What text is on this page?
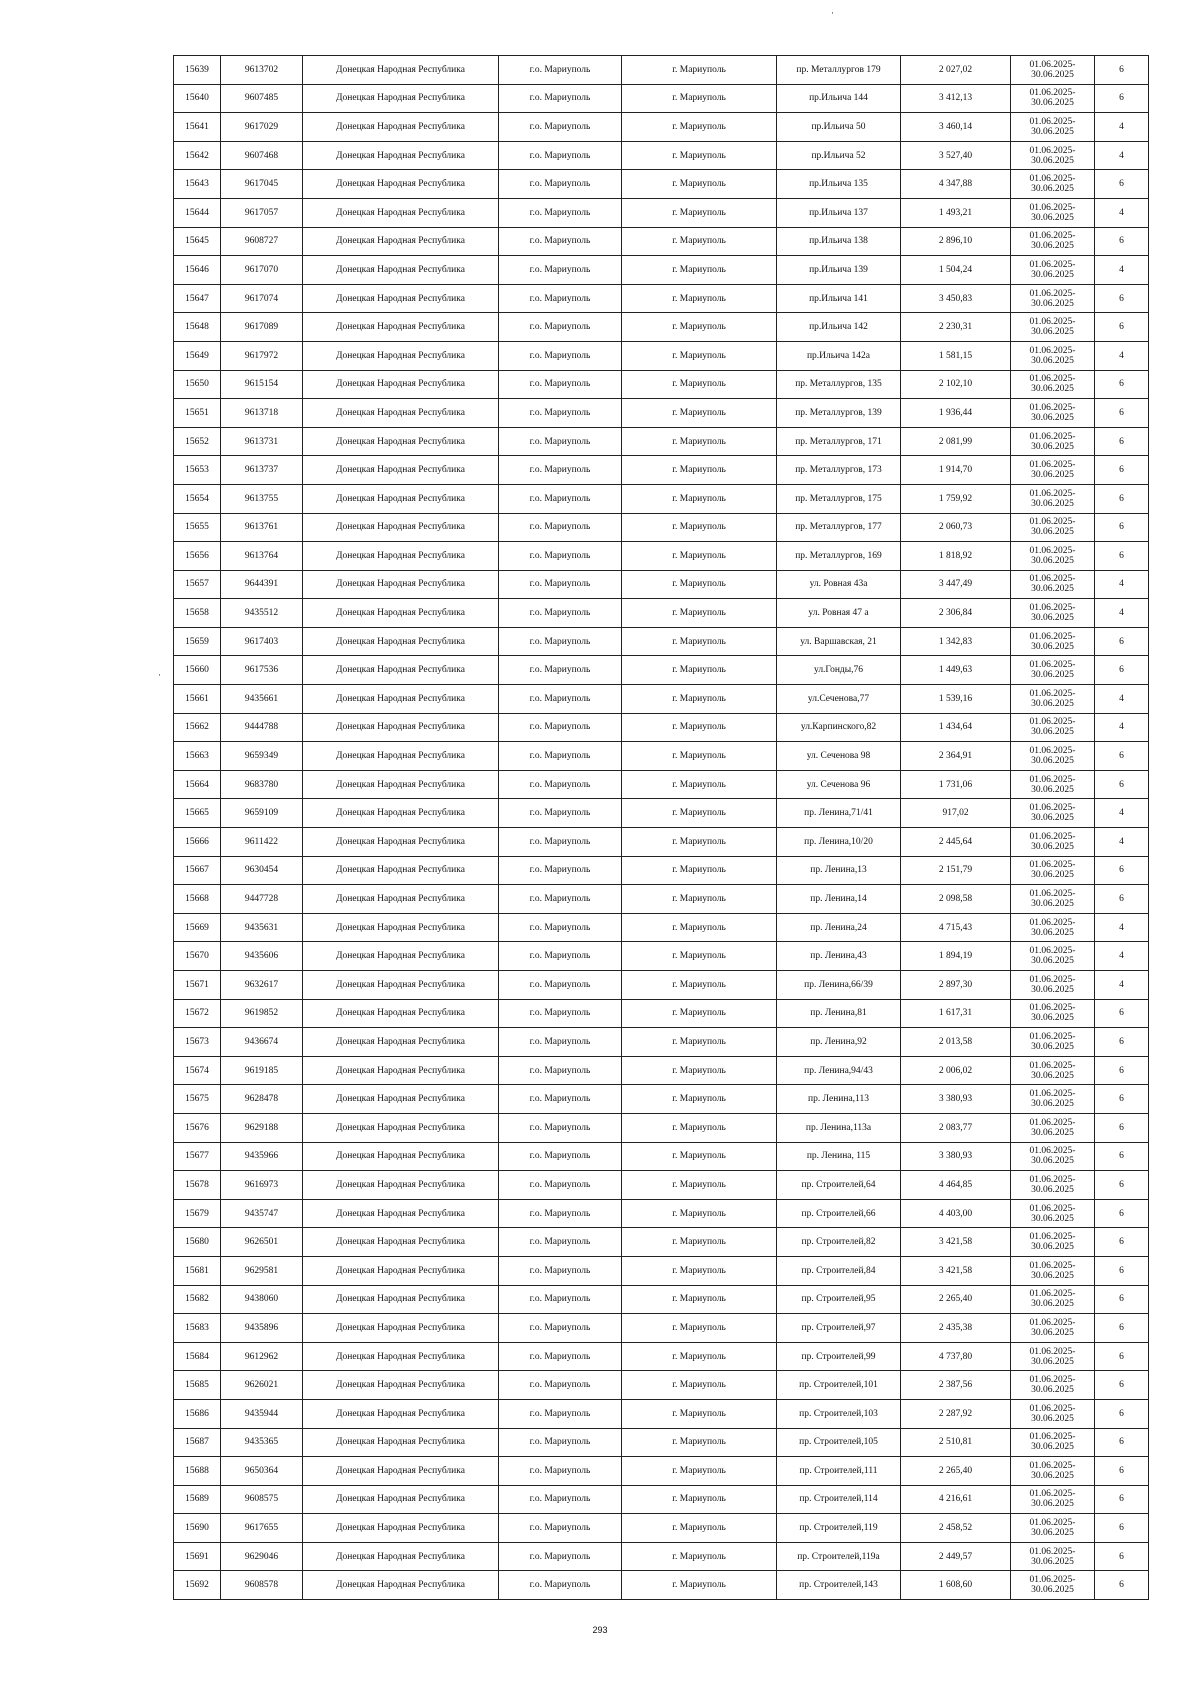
·
·
15639	9613702	Донецкая Народная Республика	г.о. Мариуполь	г. Мариуполь	пр. Металлургов 179	2 027,02	01.06.2025-
30.06.2025	6
15640	9607485	Донецкая Народная Республика	г.о. Мариуполь	г. Мариуполь	пр.Ильича 144	3 412,13	01.06.2025-
30.06.2025	6
15641	9617029	Донецкая Народная Республика	г.о. Мариуполь	г. Мариуполь	пр.Ильича 50	3 460,14	01.06.2025-
30.06.2025	4
15642	9607468	Донецкая Народная Республика	г.о. Мариуполь	г. Мариуполь	пр.Ильича 52	3 527,40	01.06.2025-
30.06.2025	4
15643	9617045	Донецкая Народная Республика	г.о. Мариуполь	г. Мариуполь	пр.Ильича 135	4 347,88	01.06.2025-
30.06.2025	6
15644	9617057	Донецкая Народная Республика	г.о. Мариуполь	г. Мариуполь	пр.Ильича 137	1 493,21	01.06.2025-
30.06.2025	4
15645	9608727	Донецкая Народная Республика	г.о. Мариуполь	г. Мариуполь	пр.Ильича 138	2 896,10	01.06.2025-
30.06.2025	6
15646	9617070	Донецкая Народная Республика	г.о. Мариуполь	г. Мариуполь	пр.Ильича 139	1 504,24	01.06.2025-
30.06.2025	4
15647	9617074	Донецкая Народная Республика	г.о. Мариуполь	г. Мариуполь	пр.Ильича 141	3 450,83	01.06.2025-
30.06.2025	6
15648	9617089	Донецкая Народная Республика	г.о. Мариуполь	г. Мариуполь	пр.Ильича 142	2 230,31	01.06.2025-
30.06.2025	6
15649	9617972	Донецкая Народная Республика	г.о. Мариуполь	г. Мариуполь	пр.Ильича 142а	1 581,15	01.06.2025-
30.06.2025	4
15650	9615154	Донецкая Народная Республика	г.о. Мариуполь	г. Мариуполь	пр. Металлургов, 135	2 102,10	01.06.2025-
30.06.2025	6
15651	9613718	Донецкая Народная Республика	г.о. Мариуполь	г. Мариуполь	пр. Металлургов, 139	1 936,44	01.06.2025-
30.06.2025	6
15652	9613731	Донецкая Народная Республика	г.о. Мариуполь	г. Мариуполь	пр. Металлургов, 171	2 081,99	01.06.2025-
30.06.2025	6
15653	9613737	Донецкая Народная Республика	г.о. Мариуполь	г. Мариуполь	пр. Металлургов, 173	1 914,70	01.06.2025-
30.06.2025	6
15654	9613755	Донецкая Народная Республика	г.о. Мариуполь	г. Мариуполь	пр. Металлургов, 175	1 759,92	01.06.2025-
30.06.2025	6
15655	9613761	Донецкая Народная Республика	г.о. Мариуполь	г. Мариуполь	пр. Металлургов, 177	2 060,73	01.06.2025-
30.06.2025	6
15656	9613764	Донецкая Народная Республика	г.о. Мариуполь	г. Мариуполь	пр. Металлургов, 169	1 818,92	01.06.2025-
30.06.2025	6
15657	9644391	Донецкая Народная Республика	г.о. Мариуполь	г. Мариуполь	ул. Ровная 43а	3 447,49	01.06.2025-
30.06.2025	4
15658	9435512	Донецкая Народная Республика	г.о. Мариуполь	г. Мариуполь	ул. Ровная 47 а	2 306,84	01.06.2025-
30.06.2025	4
15659	9617403	Донецкая Народная Республика	г.о. Мариуполь	г. Мариуполь	ул. Варшавская, 21	1 342,83	01.06.2025-
30.06.2025	6
15660	9617536	Донецкая Народная Республика	г.о. Мариуполь	г. Мариуполь	ул.Гонды,76	1 449,63	01.06.2025-
30.06.2025	6
15661	9435661	Донецкая Народная Республика	г.о. Мариуполь	г. Мариуполь	ул.Сеченова,77	1 539,16	01.06.2025-
30.06.2025	4
15662	9444788	Донецкая Народная Республика	г.о. Мариуполь	г. Мариуполь	ул.Карпинского,82	1 434,64	01.06.2025-
30.06.2025	4
15663	9659349	Донецкая Народная Республика	г.о. Мариуполь	г. Мариуполь	ул. Сеченова 98	2 364,91	01.06.2025-
30.06.2025	6
15664	9683780	Донецкая Народная Республика	г.о. Мариуполь	г. Мариуполь	ул. Сеченова 96	1 731,06	01.06.2025-
30.06.2025	6
15665	9659109	Донецкая Народная Республика	г.о. Мариуполь	г. Мариуполь	пр. Ленина,71/41	917,02	01.06.2025-
30.06.2025	4
15666	9611422	Донецкая Народная Республика	г.о. Мариуполь	г. Мариуполь	пр. Ленина,10/20	2 445,64	01.06.2025-
30.06.2025	4
15667	9630454	Донецкая Народная Республика	г.о. Мариуполь	г. Мариуполь	пр. Ленина,13	2 151,79	01.06.2025-
30.06.2025	6
15668	9447728	Донецкая Народная Республика	г.о. Мариуполь	г. Мариуполь	пр. Ленина,14	2 098,58	01.06.2025-
30.06.2025	6
15669	9435631	Донецкая Народная Республика	г.о. Мариуполь	г. Мариуполь	пр. Ленина,24	4 715,43	01.06.2025-
30.06.2025	4
15670	9435606	Донецкая Народная Республика	г.о. Мариуполь	г. Мариуполь	пр. Ленина,43	1 894,19	01.06.2025-
30.06.2025	4
15671	9632617	Донецкая Народная Республика	г.о. Мариуполь	г. Мариуполь	пр. Ленина,66/39	2 897,30	01.06.2025-
30.06.2025	4
15672	9619852	Донецкая Народная Республика	г.о. Мариуполь	г. Мариуполь	пр. Ленина,81	1 617,31	01.06.2025-
30.06.2025	6
15673	9436674	Донецкая Народная Республика	г.о. Мариуполь	г. Мариуполь	пр. Ленина,92	2 013,58	01.06.2025-
30.06.2025	6
15674	9619185	Донецкая Народная Республика	г.о. Мариуполь	г. Мариуполь	пр. Ленина,94/43	2 006,02	01.06.2025-
30.06.2025	6
15675	9628478	Донецкая Народная Республика	г.о. Мариуполь	г. Мариуполь	пр. Ленина,113	3 380,93	01.06.2025-
30.06.2025	6
15676	9629188	Донецкая Народная Республика	г.о. Мариуполь	г. Мариуполь	пр. Ленина,113а	2 083,77	01.06.2025-
30.06.2025	6
15677	9435966	Донецкая Народная Республика	г.о. Мариуполь	г. Мариуполь	пр. Ленина, 115	3 380,93	01.06.2025-
30.06.2025	6
15678	9616973	Донецкая Народная Республика	г.о. Мариуполь	г. Мариуполь	пр. Строителей,64	4 464,85	01.06.2025-
30.06.2025	6
15679	9435747	Донецкая Народная Республика	г.о. Мариуполь	г. Мариуполь	пр. Строителей,66	4 403,00	01.06.2025-
30.06.2025	6
15680	9626501	Донецкая Народная Республика	г.о. Мариуполь	г. Мариуполь	пр. Строителей,82	3 421,58	01.06.2025-
30.06.2025	6
15681	9629581	Донецкая Народная Республика	г.о. Мариуполь	г. Мариуполь	пр. Строителей,84	3 421,58	01.06.2025-
30.06.2025	6
15682	9438060	Донецкая Народная Республика	г.о. Мариуполь	г. Мариуполь	пр. Строителей,95	2 265,40	01.06.2025-
30.06.2025	6
15683	9435896	Донецкая Народная Республика	г.о. Мариуполь	г. Мариуполь	пр. Строителей,97	2 435,38	01.06.2025-
30.06.2025	6
15684	9612962	Донецкая Народная Республика	г.о. Мариуполь	г. Мариуполь	пр. Строителей,99	4 737,80	01.06.2025-
30.06.2025	6
15685	9626021	Донецкая Народная Республика	г.о. Мариуполь	г. Мариуполь	пр. Строителей,101	2 387,56	01.06.2025-
30.06.2025	6
15686	9435944	Донецкая Народная Республика	г.о. Мариуполь	г. Мариуполь	пр. Строителей,103	2 287,92	01.06.2025-
30.06.2025	6
15687	9435365	Донецкая Народная Республика	г.о. Мариуполь	г. Мариуполь	пр. Строителей,105	2 510,81	01.06.2025-
30.06.2025	6
15688	9650364	Донецкая Народная Республика	г.о. Мариуполь	г. Мариуполь	пр. Строителей,111	2 265,40	01.06.2025-
30.06.2025	6
15689	9608575	Донецкая Народная Республика	г.о. Мариуполь	г. Мариуполь	пр. Строителей,114	4 216,61	01.06.2025-
30.06.2025	6
15690	9617655	Донецкая Народная Республика	г.о. Мариуполь	г. Мариуполь	пр. Строителей,119	2 458,52	01.06.2025-
30.06.2025	6
15691	9629046	Донецкая Народная Республика	г.о. Мариуполь	г. Мариуполь	пр. Строителей,119а	2 449,57	01.06.2025-
30.06.2025	6
15692	9608578	Донецкая Народная Республика	г.о. Мариуполь	г. Мариуполь	пр. Строителей,143	1 608,60	01.06.2025-
30.06.2025	6
293
